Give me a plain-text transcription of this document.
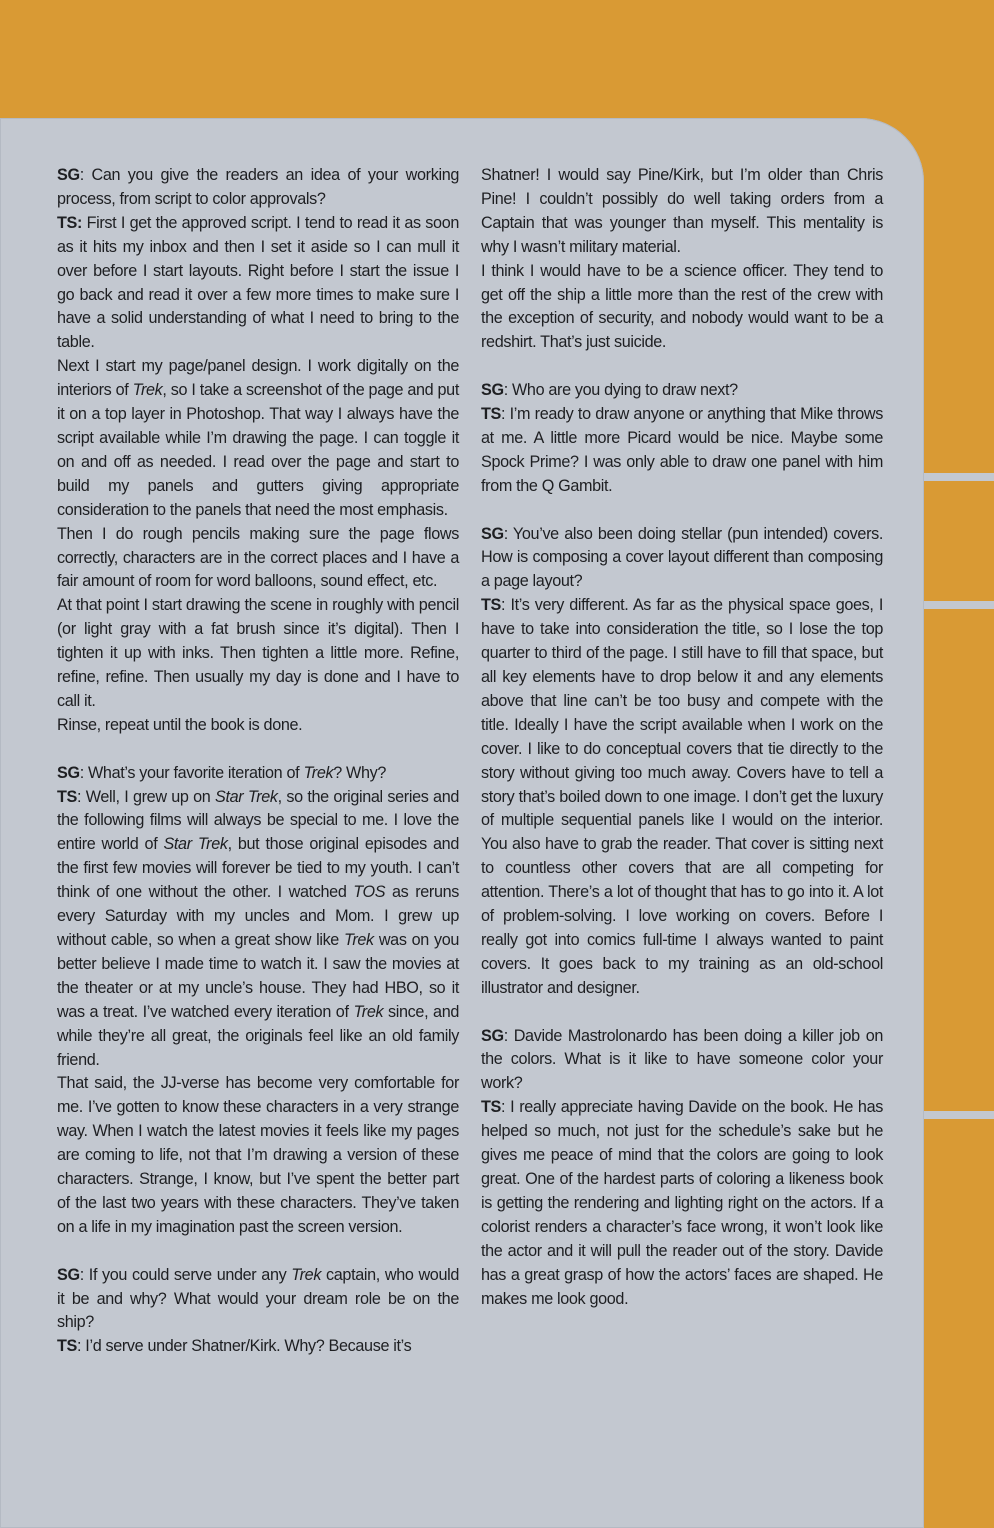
SG: Can you give the readers an idea of your working process, from script to color approvals?

TS: First I get the approved script. I tend to read it as soon as it hits my inbox and then I set it aside so I can mull it over before I start layouts. Right before I start the issue I go back and read it over a few more times to make sure I have a solid understanding of what I need to bring to the table.

Next I start my page/panel design. I work digitally on the interiors of Trek, so I take a screenshot of the page and put it on a top layer in Photoshop. That way I always have the script available while I’m drawing the page. I can toggle it on and off as needed. I read over the page and start to build my panels and gutters giving appropriate consideration to the panels that need the most emphasis.

Then I do rough pencils making sure the page flows correctly, characters are in the correct places and I have a fair amount of room for word balloons, sound effect, etc.

At that point I start drawing the scene in roughly with pencil (or light gray with a fat brush since it’s digital). Then I tighten it up with inks. Then tighten a little more. Refine, refine, refine. Then usually my day is done and I have to call it.

Rinse, repeat until the book is done.

SG: What’s your favorite iteration of Trek? Why?

TS: Well, I grew up on Star Trek, so the original series and the following films will always be special to me. I love the entire world of Star Trek, but those original episodes and the first few movies will forever be tied to my youth. I can’t think of one without the other. I watched TOS as reruns every Saturday with my uncles and Mom. I grew up without cable, so when a great show like Trek was on you better believe I made time to watch it. I saw the movies at the theater or at my uncle’s house. They had HBO, so it was a treat. I’ve watched every iteration of Trek since, and while they’re all great, the originals feel like an old family friend.

That said, the JJ-verse has become very comfortable for me. I’ve gotten to know these characters in a very strange way. When I watch the latest movies it feels like my pages are coming to life, not that I’m drawing a version of these characters. Strange, I know, but I’ve spent the better part of the last two years with these characters. They’ve taken on a life in my imagination past the screen version.

SG: If you could serve under any Trek captain, who would it be and why? What would your dream role be on the ship?

TS: I’d serve under Shatner/Kirk. Why? Because it’s

Shatner! I would say Pine/Kirk, but I’m older than Chris Pine! I couldn’t possibly do well taking orders from a Captain that was younger than myself. This mentality is why I wasn’t military material.

I think I would have to be a science officer. They tend to get off the ship a little more than the rest of the crew with the exception of security, and nobody would want to be a redshirt. That’s just suicide.

SG: Who are you dying to draw next?

TS: I’m ready to draw anyone or anything that Mike throws at me. A little more Picard would be nice. Maybe some Spock Prime? I was only able to draw one panel with him from the Q Gambit.

SG: You’ve also been doing stellar (pun intended) covers. How is composing a cover layout different than composing a page layout?

TS: It’s very different. As far as the physical space goes, I have to take into consideration the title, so I lose the top quarter to third of the page. I still have to fill that space, but all key elements have to drop below it and any elements above that line can’t be too busy and compete with the title. Ideally I have the script available when I work on the cover. I like to do conceptual covers that tie directly to the story without giving too much away. Covers have to tell a story that’s boiled down to one image. I don’t get the luxury of multiple sequential panels like I would on the interior. You also have to grab the reader. That cover is sitting next to countless other covers that are all competing for attention. There’s a lot of thought that has to go into it. A lot of problem-solving. I love working on covers. Before I really got into comics full-time I always wanted to paint covers. It goes back to my training as an old-school illustrator and designer.

SG: Davide Mastrolonardo has been doing a killer job on the colors. What is it like to have someone color your work?

TS: I really appreciate having Davide on the book. He has helped so much, not just for the schedule’s sake but he gives me peace of mind that the colors are going to look great. One of the hardest parts of coloring a likeness book is getting the rendering and lighting right on the actors. If a colorist renders a character’s face wrong, it won’t look like the actor and it will pull the reader out of the story. Davide has a great grasp of how the actors’ faces are shaped. He makes me look good.
